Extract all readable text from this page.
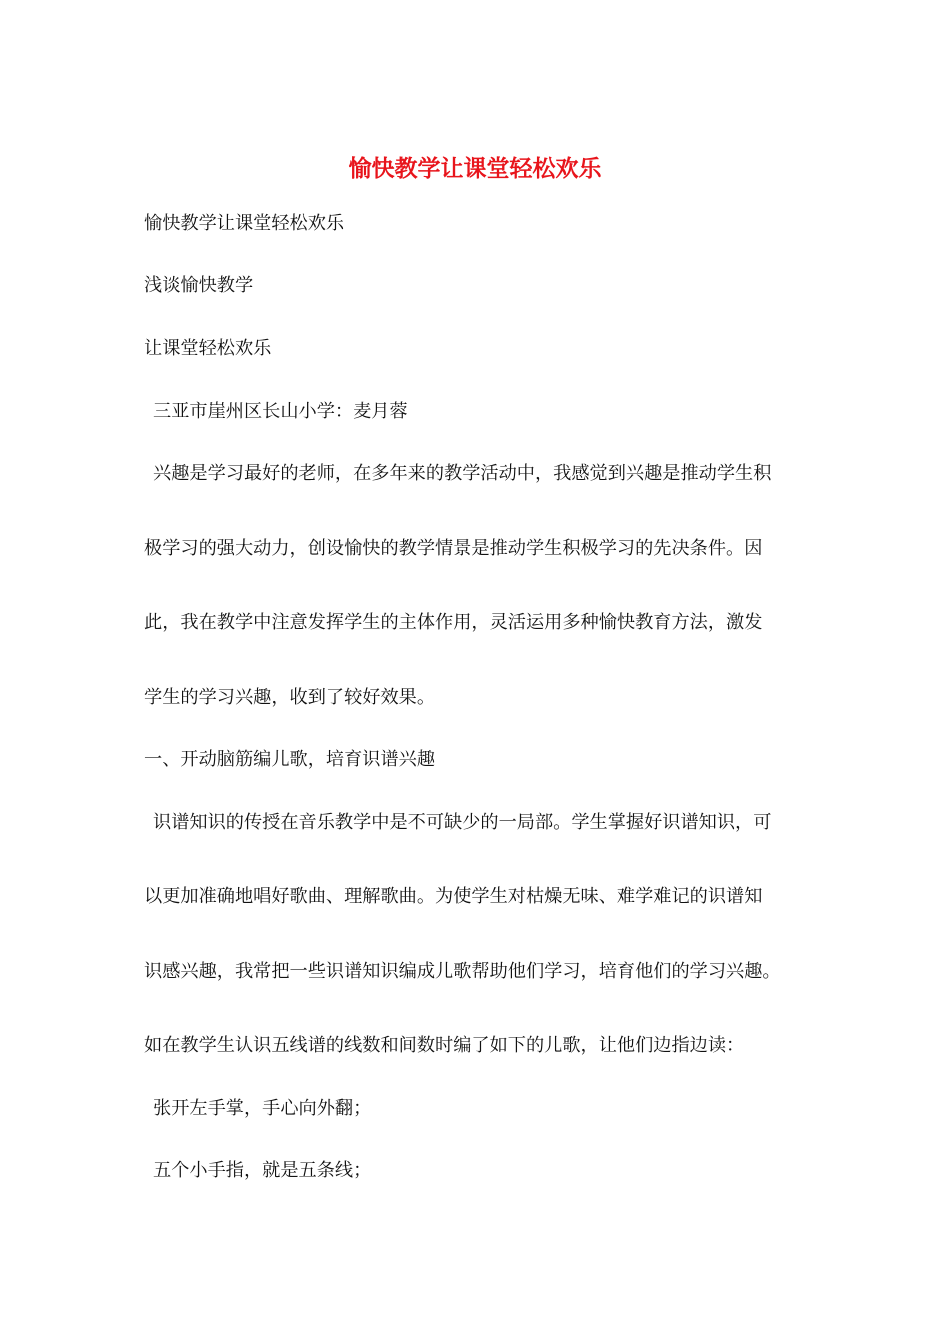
愉快教学让课堂轻松欢乐
愉快教学让课堂轻松欢乐
浅谈愉快教学
让课堂轻松欢乐
三亚市崖州区长山小学：麦月蓉
兴趣是学习最好的老师，在多年来的教学活动中，我感觉到兴趣是推动学生积
极学习的强大动力，创设愉快的教学情景是推动学生积极学习的先决条件。因
此，我在教学中注意发挥学生的主体作用，灵活运用多种愉快教育方法，激发
学生的学习兴趣，收到了较好效果。
一、开动脑筋编儿歌，培育识谱兴趣
识谱知识的传授在音乐教学中是不可缺少的一局部。学生掌握好识谱知识，可
以更加准确地唱好歌曲、理解歌曲。为使学生对枯燥无味、难学难记的识谱知
识感兴趣，我常把一些识谱知识编成儿歌帮助他们学习，培育他们的学习兴趣。
如在教学生认识五线谱的线数和间数时编了如下的儿歌，让他们边指边读：
张开左手掌，手心向外翻；
五个小手指，就是五条线；
